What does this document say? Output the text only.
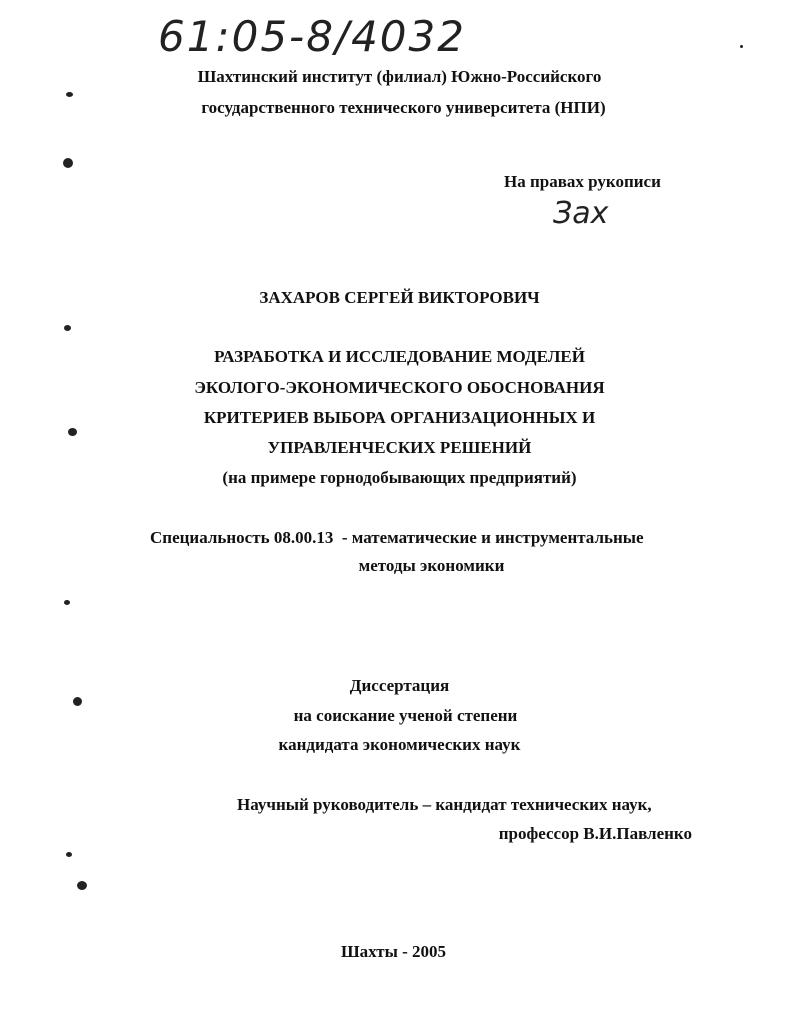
61:05-8/4032
Шахтинский институт (филиал) Южно-Российского
государственного технического университета (НПИ)
На правах рукописи
Зах
ЗАХАРОВ СЕРГЕЙ ВИКТОРОВИЧ
РАЗРАБОТКА И ИССЛЕДОВАНИЕ МОДЕЛЕЙ
ЭКОЛОГО-ЭКОНОМИЧЕСКОГО ОБОСНОВАНИЯ
КРИТЕРИЕВ ВЫБОРА ОРГАНИЗАЦИОННЫХ И
УПРАВЛЕНЧЕСКИХ РЕШЕНИЙ
(на примере горнодобывающих предприятий)
Специальность 08.00.13  - математические и инструментальные
методы экономики
Диссертация
на соискание ученой степени
кандидата экономических наук
Научный руководитель – кандидат технических наук,
профессор В.И.Павленко
Шахты - 2005
